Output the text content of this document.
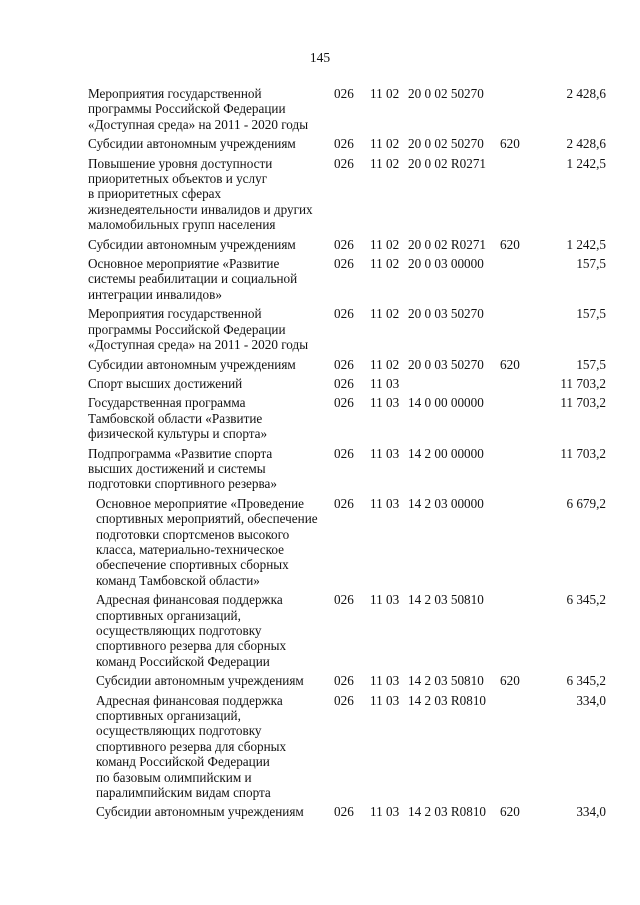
145
Мероприятия государственной
программы Российской Федерации
«Доступная среда» на 2011 - 2020 годы
026 11 02 20 0 02 50270	2 428,6
Субсидии автономным учреждениям	026 11 02 20 0 02 50270 620	2 428,6
Повышение уровня доступности
приоритетных объектов и услуг
в приоритетных сферах
жизнедеятельности инвалидов и других
маломобильных групп населения
026 11 02 20 0 02 R0271	1 242,5
Субсидии автономным учреждениям	026 11 02 20 0 02 R0271 620	1 242,5
Основное мероприятие «Развитие
системы реабилитации и социальной
интеграции инвалидов»
026 11 02 20 0 03 00000	157,5
Мероприятия государственной
программы Российской Федерации
«Доступная среда» на 2011 - 2020 годы
026 11 02 20 0 03 50270	157,5
Субсидии автономным учреждениям	026 11 02 20 0 03 50270 620	157,5
Спорт высших достижений	026 11 03	11 703,2
Государственная программа
Тамбовской области «Развитие
физической культуры и спорта»
026 11 03 14 0 00 00000	11 703,2
Подпрограмма «Развитие спорта
высших достижений и системы
подготовки спортивного резерва»
026 11 03 14 2 00 00000	11 703,2
Основное мероприятие «Проведение
спортивных мероприятий, обеспечение
подготовки спортсменов высокого
класса, материально-техническое
обеспечение спортивных сборных
команд Тамбовской области»
026 11 03 14 2 03 00000	6 679,2
Адресная финансовая поддержка
спортивных организаций,
осуществляющих подготовку
спортивного резерва для сборных
команд Российской Федерации
026 11 03 14 2 03 50810	6 345,2
Субсидии автономным учреждениям	026 11 03 14 2 03 50810 620	6 345,2
Адресная финансовая поддержка
спортивных организаций,
осуществляющих подготовку
спортивного резерва для сборных
команд Российской Федерации
по базовым олимпийским и
паралимпийским видам спорта
026 11 03 14 2 03 R0810	334,0
Субсидии автономным учреждениям	026 11 03 14 2 03 R0810 620	334,0
